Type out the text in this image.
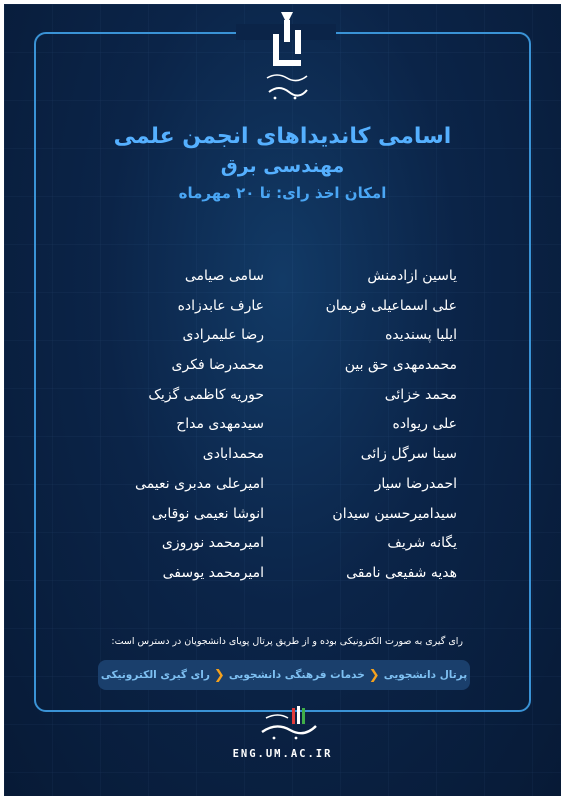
اسامی کاندیداهای انجمن علمی
مهندسی برق
امکان اخذ رای: تا ۲۰ مهرماه
یاسین ازادمنش
علی اسماعیلی فریمان
ایلیا پسندیده
محمدمهدی حق بین
محمد خزائی
علی ریواده
سینا سرگل زائی
احمدرضا سیار
سیدامیرحسین سیدان
یگانه شریف
هدیه شفیعی نامقی
سامی صیامی
عارف عابدزاده
رضا علیمرادی
محمدرضا فکری
حوریه کاظمی گزیک
سیدمهدی مداح
محمدابادی
امیرعلی مدبری نعیمی
انوشا نعیمی نوقابی
امیرمحمد نوروزی
امیرمحمد یوسفی
رای گیری به صورت الکترونیکی بوده و از طریق پرتال پویای دانشجویان در دسترس است:
پرتال دانشجویی
❮
خدمات فرهنگی دانشجویی
❮
رای گیری الکترونیکی
ENG.UM.AC.IR
